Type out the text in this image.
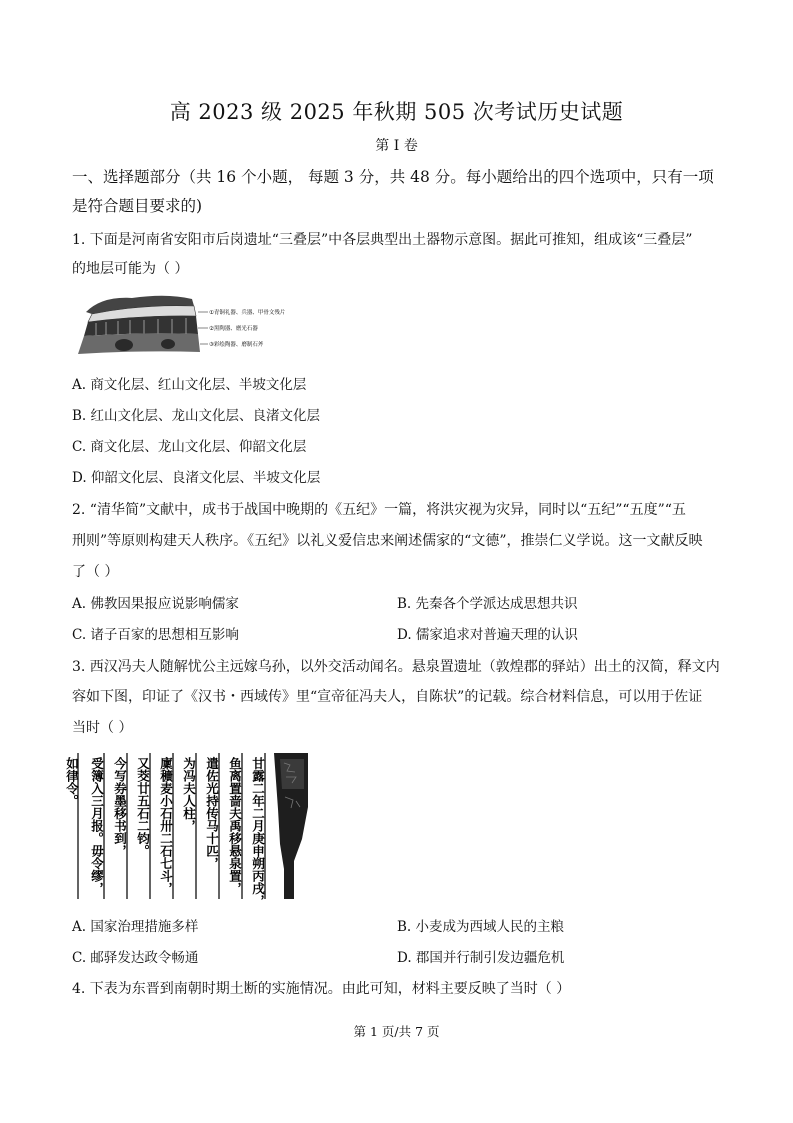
高 2023 级 2025 年秋期 505 次考试历史试题
第 I 卷
一、选择题部分（共 16 个小题， 每题 3 分，共 48 分。每小题给出的四个选项中，只有一项
是符合题目要求的)
1. 下面是河南省安阳市后岗遗址“三叠层”中各层典型出土器物示意图。据此可推知，组成该“三叠层”
的地层可能为（ ）
①青铜礼器、兵器、甲骨文残片
②黑陶器、磨光石器
③彩绘陶器、磨制石斧
A. 商文化层、红山文化层、半坡文化层
B. 红山文化层、龙山文化层、良渚文化层
C. 商文化层、龙山文化层、仰韶文化层
D. 仰韶文化层、良渚文化层、半坡文化层
2. “清华简”文献中，成书于战国中晚期的《五纪》一篇，将洪灾视为灾异，同时以“五纪”“五度”“五
刑则”等原则构建天人秩序。《五纪》以礼义爱信忠来阐述儒家的“文德”，推崇仁义学说。这一文献反映
了（ ）
A. 佛教因果报应说影响儒家	B. 先秦各个学派达成思想共识
C. 诸子百家的思想相互影响	D. 儒家追求对普遍天理的认识
3. 西汉冯夫人随解忧公主远嫁乌孙，以外交活动闻名。悬泉置遗址（敦煌郡的驿站）出土的汉简，释文内
容如下图，印证了《汉书・西域传》里“宣帝征冯夫人，自陈状”的记载。综合材料信息，可以用于佐证
当时（ ）
甘露二年二月庚申朔丙戌，
鱼离置啬夫禹移悬泉置，
遣佐光持传马十匹，
为冯夫人柱，
廩穬麦小石卅二石七斗，
又茭廿五石二钧。
今写券墨移书到，
受簿入三月报。毋令缪，
如律令。
A. 国家治理措施多样	B. 小麦成为西域人民的主粮
C. 邮驿发达政令畅通	D. 郡国并行制引发边疆危机
4. 下表为东晋到南朝时期土断的实施情况。由此可知，材料主要反映了当时（ ）
第 1 页/共 7 页
